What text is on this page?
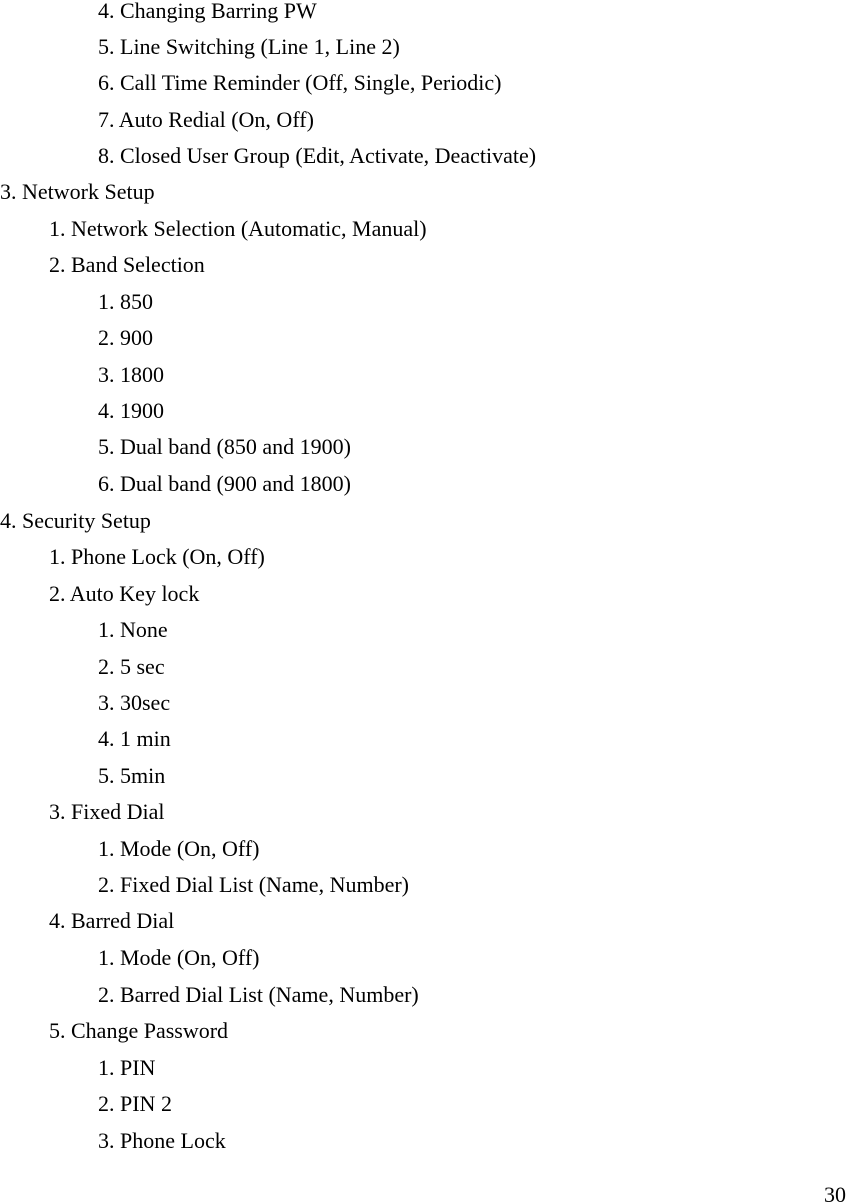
4. Changing Barring PW
5. Line Switching (Line 1, Line 2)
6. Call Time Reminder (Off, Single, Periodic)
7. Auto Redial (On, Off)
8. Closed User Group (Edit, Activate, Deactivate)
3. Network Setup
1. Network Selection (Automatic, Manual)
2. Band Selection
1. 850
2. 900
3. 1800
4. 1900
5. Dual band (850 and 1900)
6. Dual band (900 and 1800)
4. Security Setup
1. Phone Lock (On, Off)
2. Auto Key lock
1. None
2. 5 sec
3. 30sec
4. 1 min
5. 5min
3. Fixed Dial
1. Mode (On, Off)
2. Fixed Dial List (Name, Number)
4. Barred Dial
1. Mode (On, Off)
2. Barred Dial List (Name, Number)
5. Change Password
1. PIN
2. PIN 2
3. Phone Lock
30
